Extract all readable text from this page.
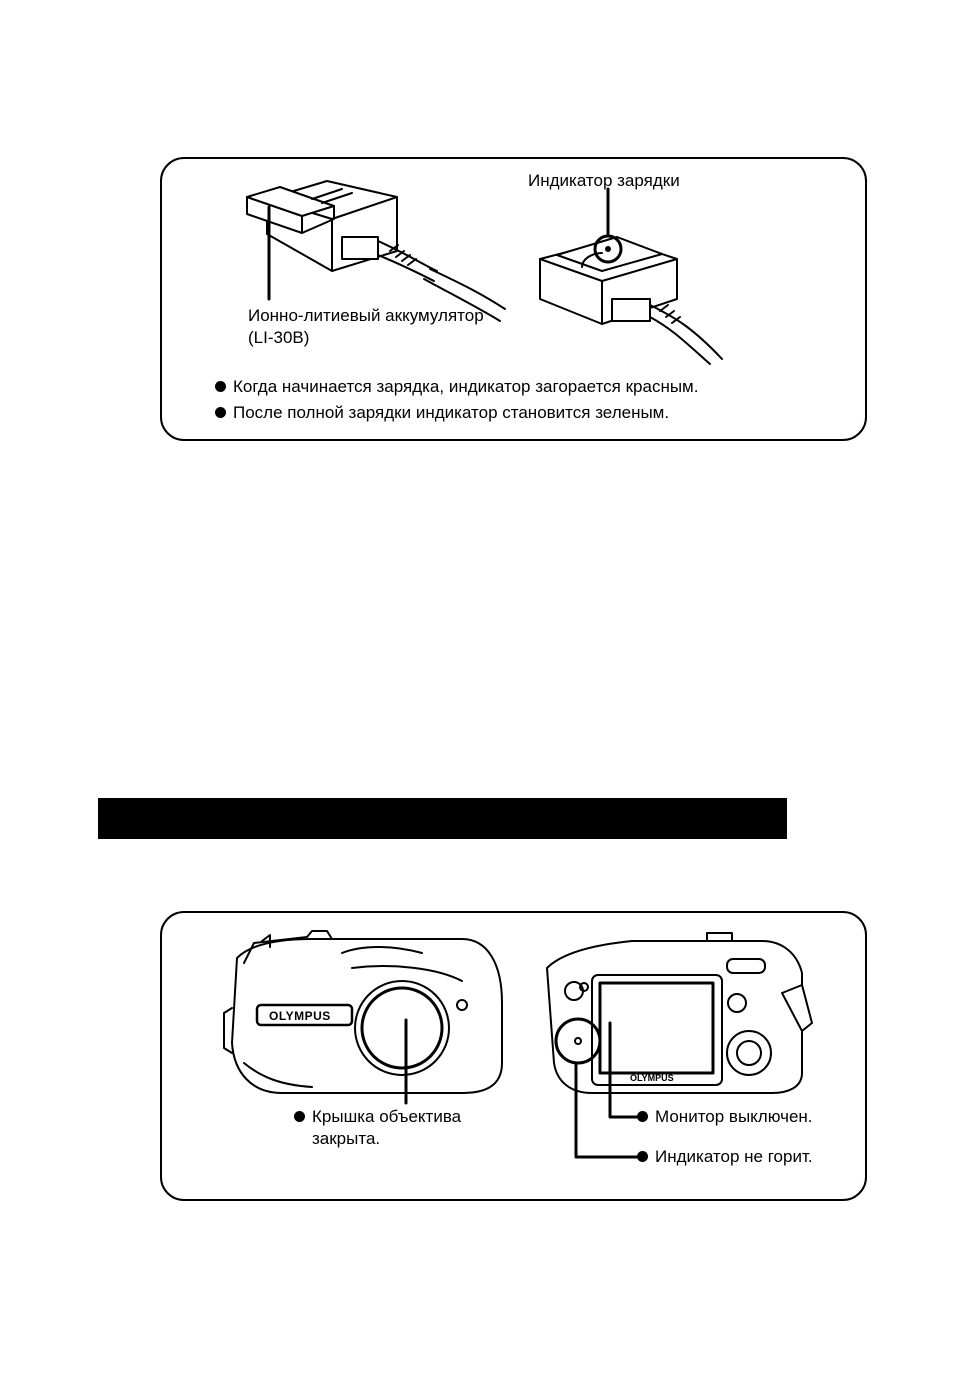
Индикатор зарядки
Ионно-литиевый аккумулятор
(LI-30B)
Когда начинается зарядка, индикатор загорается красным.
После полной зарядки индикатор становится зеленым.
OLYMPUS
OLYMPUS
Крышка объектива
закрыта.
Монитор выключен.
Индикатор не горит.
